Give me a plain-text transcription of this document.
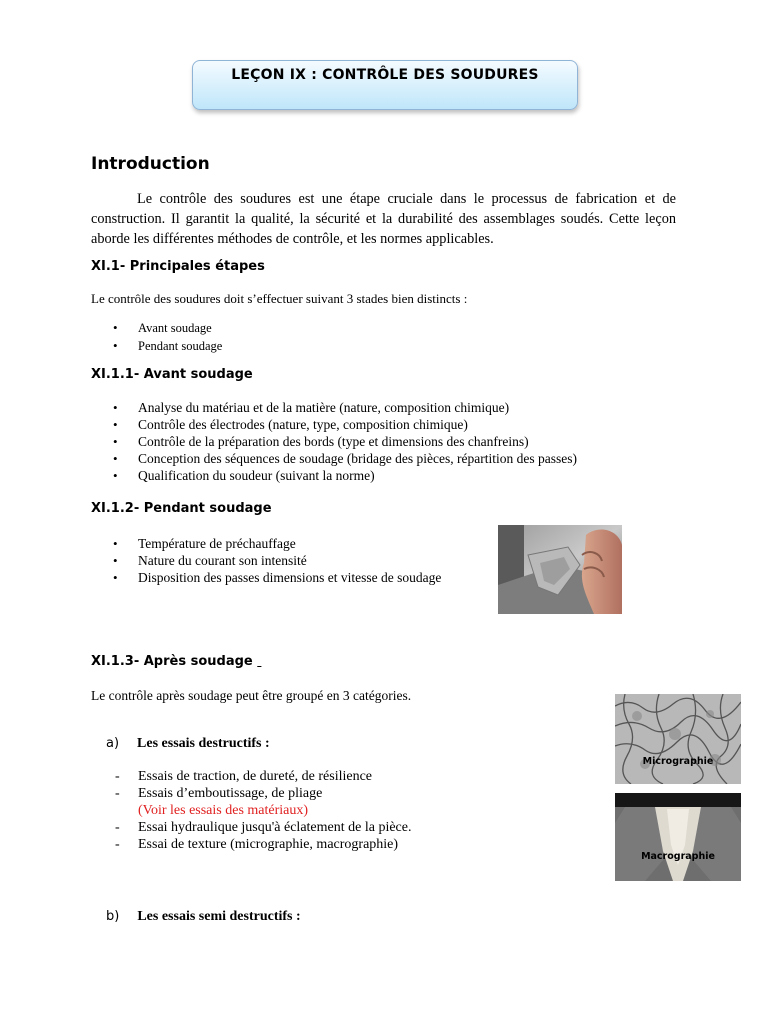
LEÇON IX : CONTRÔLE DES SOUDURES
Introduction
Le contrôle des soudures est une étape cruciale dans le processus de fabrication et de construction. Il garantit la qualité, la sécurité et la durabilité des assemblages soudés. Cette leçon aborde les différentes méthodes de contrôle, et les normes applicables.
XI.1- Principales étapes
Le contrôle des soudures doit s’effectuer suivant 3 stades bien distincts :
• Avant soudage
• Pendant soudage
XI.1.1- Avant soudage
• Analyse du matériau et de la matière (nature, composition chimique)
• Contrôle des électrodes (nature, type, composition chimique)
• Contrôle de la préparation des bords (type et dimensions des chanfreins)
• Conception des séquences de soudage (bridage des pièces, répartition des passes)
• Qualification du soudeur (suivant la norme)
XI.1.2- Pendant soudage
• Température de préchauffage
• Nature du courant son intensité
• Disposition des passes dimensions et vitesse de soudage
XI.1.3- Après soudage
Le contrôle après soudage peut être groupé en 3 catégories.
a) Les essais destructifs :
- Essais de traction, de dureté, de résilience
- Essais d’emboutissage, de pliage
(Voir les essais des matériaux)
- Essai hydraulique jusqu'à éclatement de la pièce.
- Essai de texture (micrographie, macrographie)
b) Les essais semi destructifs :
Micrographie
Macrographie
